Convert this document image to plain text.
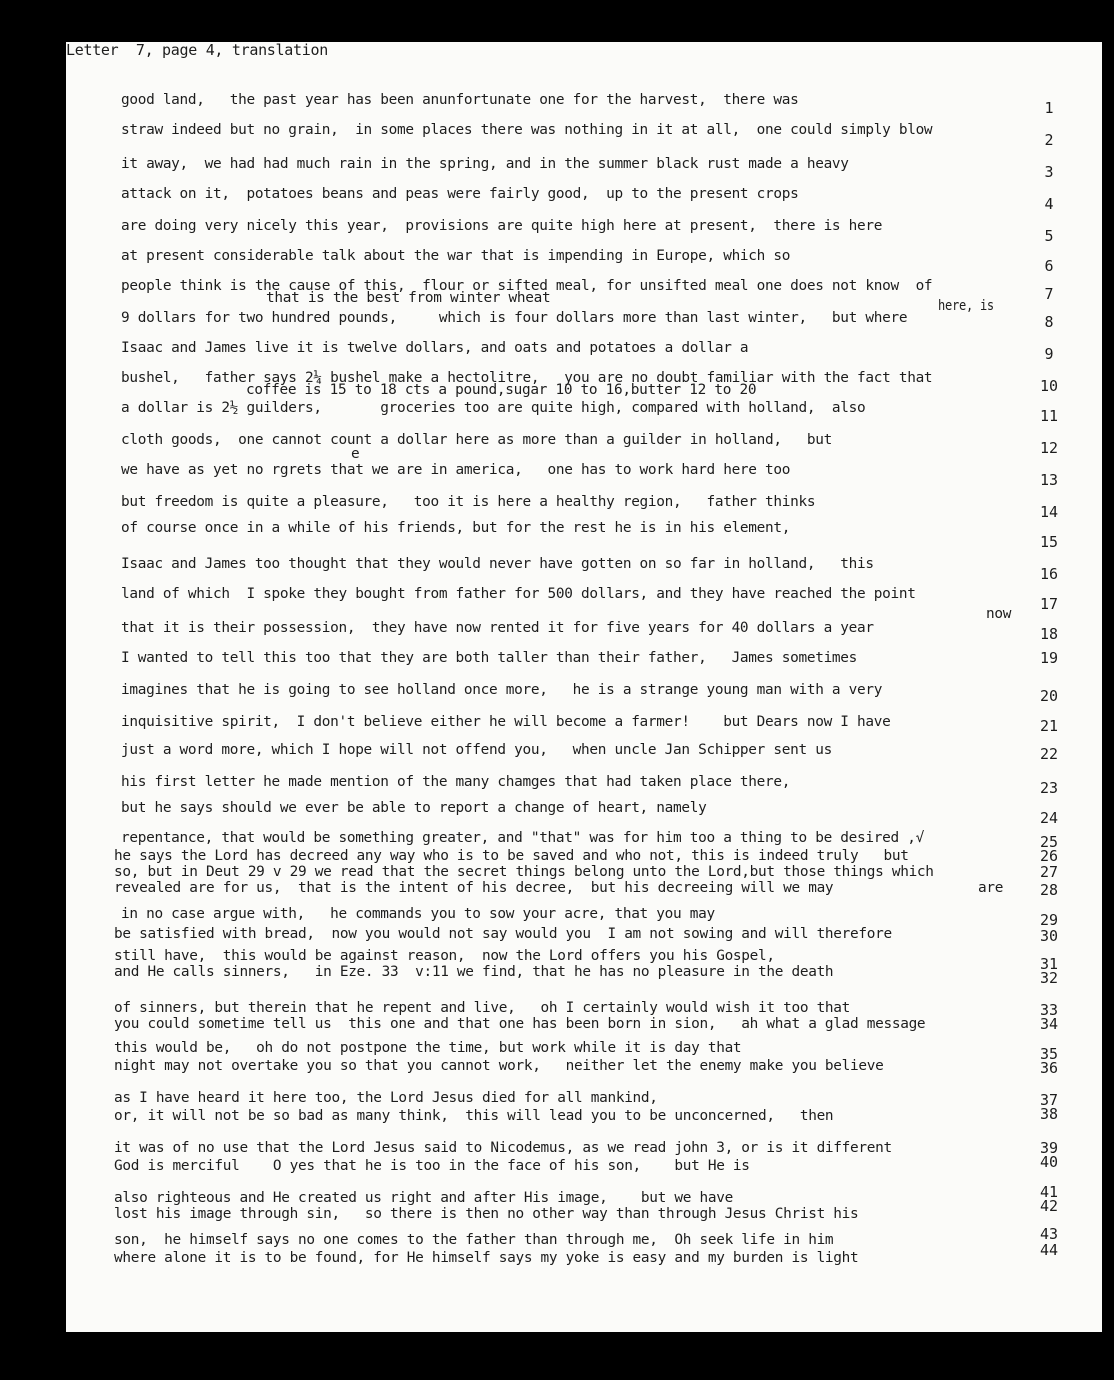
Letter  7, page 4, translation
good land,   the past year has been anunfortunate one for the harvest,  there was
straw indeed but no grain,  in some places there was nothing in it at all,  one could simply blow
it away,  we had had much rain in the spring, and in the summer black rust made a heavy
attack on it,  potatoes beans and peas were fairly good,  up to the present crops
are doing very nicely this year,  provisions are quite high here at present,  there is here
at present considerable talk about the war that is impending in Europe, which so
people think is the cause of this,  flour or sifted meal, for unsifted meal one does not know  of
that is the best from winter wheat	here, is
9 dollars for two hundred pounds,     which is four dollars more than last winter,   but where
Isaac and James live it is twelve dollars, and oats and potatoes a dollar a
bushel,   father says 2¼ bushel make a hectolitre,   you are no doubt familiar with the fact that
coffee is 15 to 18 cts a pound,sugar 10 to 16,butter 12 to 20
a dollar is 2½ guilders,       groceries too are quite high, compared with holland,  also
cloth goods,  one cannot count a dollar here as more than a guilder in holland,   but
e
we have as yet no rgrets that we are in america,   one has to work hard here too
but freedom is quite a pleasure,   too it is here a healthy region,   father thinks
of course once in a while of his friends, but for the rest he is in his element,
Isaac and James too thought that they would never have gotten on so far in holland,   this
land of which  I spoke they bought from father for 500 dollars, and they have reached the point
now
that it is their possession,  they have now rented it for five years for 40 dollars a year
I wanted to tell this too that they are both taller than their father,   James sometimes
imagines that he is going to see holland once more,   he is a strange young man with a very
inquisitive spirit,  I don't believe either he will become a farmer!    but Dears now I have
just a word more, which I hope will not offend you,   when uncle Jan Schipper sent us
his first letter he made mention of the many chamges that had taken place there,
but he says should we ever be able to report a change of heart, namely
repentance, that would be something greater, and "that" was for him too a thing to be desired ,√
he says the Lord has decreed any way who is to be saved and who not, this is indeed truly   but
so, but in Deut 29 v 29 we read that the secret things belong unto the Lord,but those things which
revealed are for us,  that is the intent of his decree,  but his decreeing will we may	are
in no case argue with,   he commands you to sow your acre, that you may
be satisfied with bread,  now you would not say would you  I am not sowing and will therefore
still have,  this would be against reason,  now the Lord offers you his Gospel,
and He calls sinners,   in Eze. 33  v:11 we find, that he has no pleasure in the death
of sinners, but therein that he repent and live,   oh I certainly would wish it too that
you could sometime tell us  this one and that one has been born in sion,   ah what a glad message
this would be,   oh do not postpone the time, but work while it is day that
night may not overtake you so that you cannot work,   neither let the enemy make you believe
as I have heard it here too, the Lord Jesus died for all mankind,
or, it will not be so bad as many think,  this will lead you to be unconcerned,   then
it was of no use that the Lord Jesus said to Nicodemus, as we read john 3, or is it different
God is merciful    O yes that he is too in the face of his son,    but He is
also righteous and He created us right and after His image,    but we have
lost his image through sin,   so there is then no other way than through Jesus Christ his
son,  he himself says no one comes to the father than through me,  Oh seek life in him
where alone it is to be found, for He himself says my yoke is easy and my burden is light
1
2
3
4
5
6
7
8
9
10
11
12
13
14
15
16
17
18
19
20
21
22
23
24
25
26
27
28
29
30
31
32
33
34
35
36
37
38
39
40
41
42
43
44
